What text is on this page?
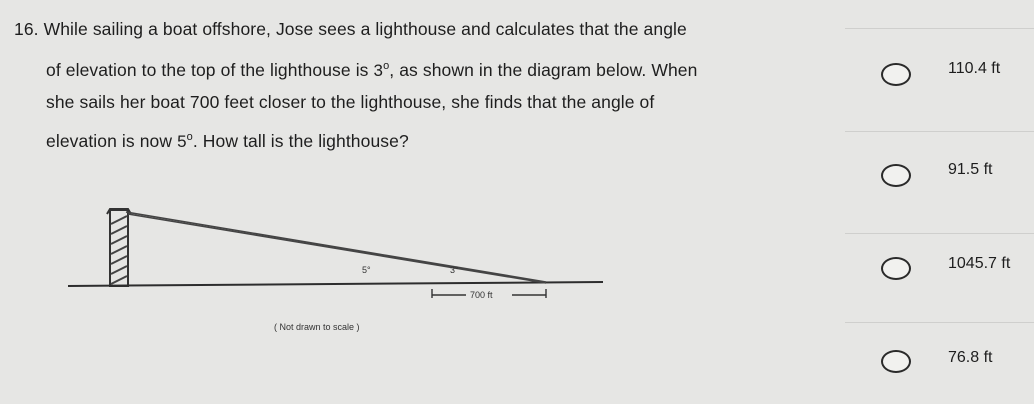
16. While sailing a boat offshore, Jose sees a lighthouse and calculates that the angle
of elevation to the top of the lighthouse is 3$^o$, as shown in the diagram below. When
she sails her boat 700 feet closer to the lighthouse, she finds that the angle of
elevation is now 5$^o$. How tall is the lighthouse?
5°	3°
700 ft
( Not drawn to scale )
110.4 ft
91.5 ft
1045.7 ft
76.8 ft
